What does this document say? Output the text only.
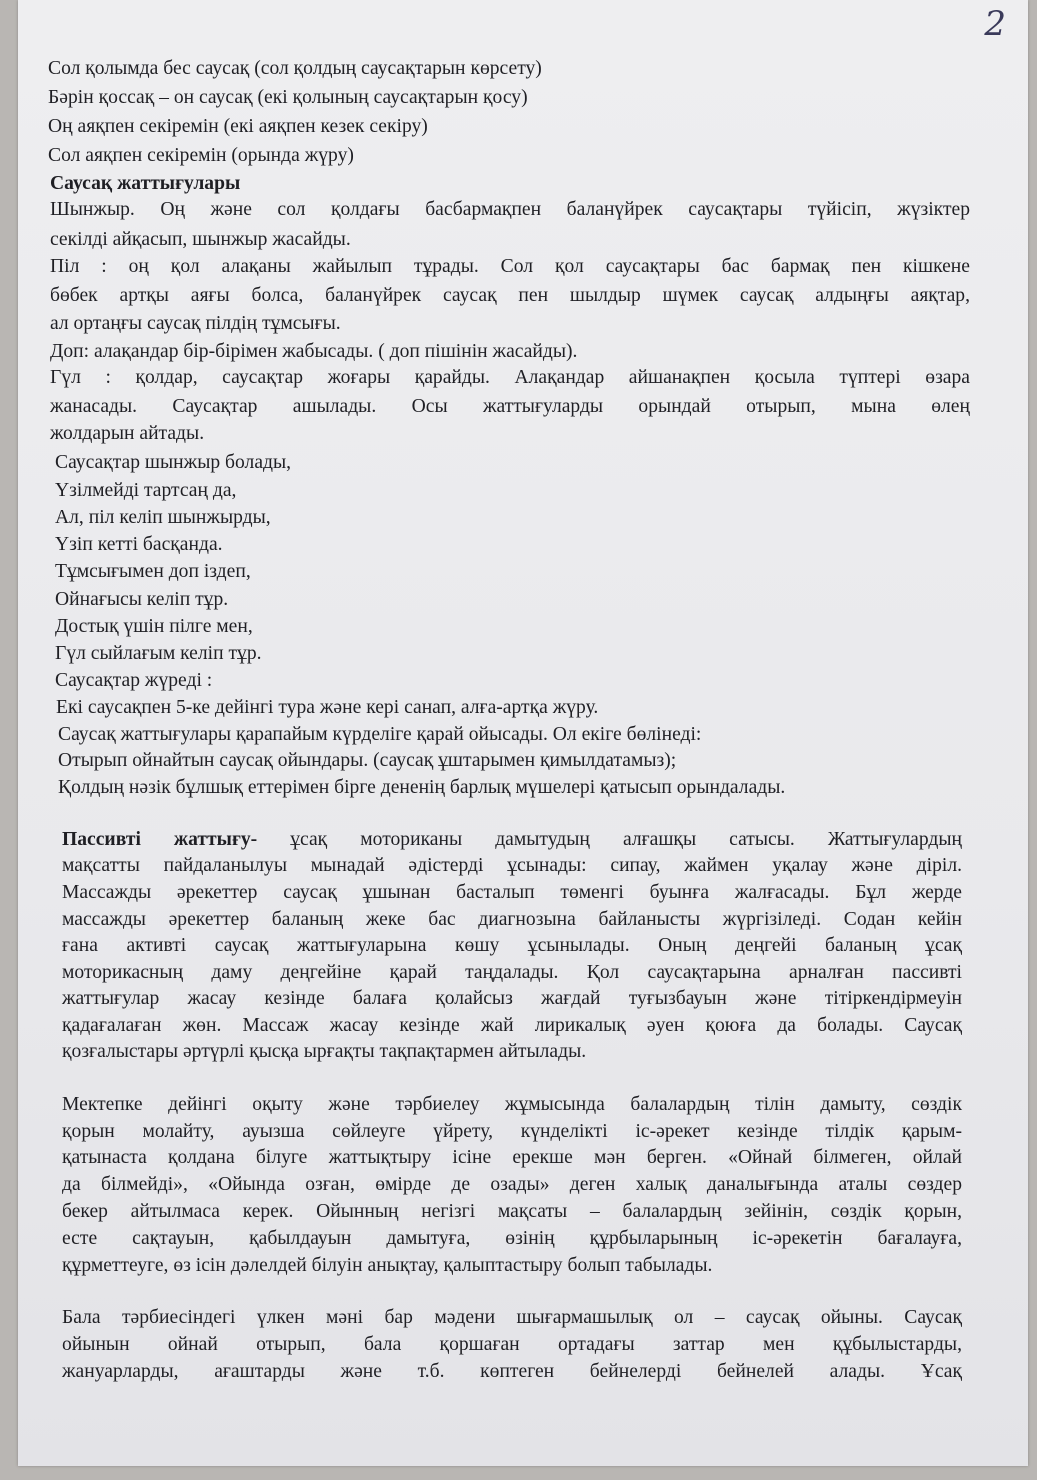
2
Сол қолымда бес саусақ (сол қолдың саусақтарын көрсету)
Бәрін қоссақ – он саусақ (екі қолының саусақтарын қосу)
Оң аяқпен секіремін (екі аяқпен кезек секіру)
Сол аяқпен секіремін (орында жүру)
Саусақ жаттығулары
Шынжыр. Оң және сол қолдағы басбармақпен баланүйрек саусақтары түйісіп, жүзіктер
секілді айқасып, шынжыр жасайды.
Піл : оң қол алақаны жайылып тұрады. Сол қол саусақтары бас бармақ пен кішкене
бөбек артқы аяғы болса, баланүйрек саусақ пен шылдыр шүмек саусақ алдыңғы аяқтар,
ал ортаңғы саусақ пілдің тұмсығы.
Доп: алақандар бір-бірімен жабысады. ( доп пішінін жасайды).
Гүл : қолдар, саусақтар жоғары қарайды. Алақандар айшанақпен қосыла түптері өзара
жанасады. Саусақтар ашылады. Осы жаттығуларды орындай отырып, мына өлең
жолдарын айтады.
Саусақтар шынжыр болады,
Үзілмейді тартсаң да,
Ал, піл келіп шынжырды,
Үзіп кетті басқанда.
Тұмсығымен доп іздеп,
Ойнағысы келіп тұр.
Достық үшін пілге мен,
Гүл сыйлағым келіп тұр.
Саусақтар жүреді :
Екі саусақпен 5-ке дейінгі тура және кері санап, алға-артқа жүру.
Саусақ жаттығулары қарапайым күрделіге қарай ойысады. Ол екіге бөлінеді:
Отырып ойнайтын саусақ ойындары. (саусақ ұштарымен қимылдатамыз);
Қолдың нәзік бұлшық еттерімен бірге дененің барлық мүшелері қатысып орындалады.
Пассивті жаттығу- ұсақ моториканы дамытудың алғашқы сатысы. Жаттығулардың
мақсатты пайдаланылуы мынадай әдістерді ұсынады: сипау, жаймен уқалау және діріл.
Массажды әрекеттер саусақ ұшынан басталып төменгі буынға жалғасады. Бұл жерде
массажды әрекеттер баланың жеке бас диагнозына байланысты жүргізіледі. Содан кейін
ғана активті саусақ жаттығуларына көшу ұсынылады. Оның деңгейі баланың ұсақ
моторикасның даму деңгейіне қарай таңдалады. Қол саусақтарына арналған пассивті
жаттығулар жасау кезінде балаға қолайсыз жағдай туғызбауын және тітіркендірмеуін
қадағалаған жөн. Массаж жасау кезінде жай лирикалық әуен қоюға да болады. Саусақ
қозғалыстары әртүрлі қысқа ырғақты тақпақтармен айтылады.
Мектепке дейінгі оқыту және тәрбиелеу жұмысында балалардың тілін дамыту, сөздік
қорын молайту, ауызша сөйлеуге үйрету, күнделікті іс-әрекет кезінде тілдік қарым-
қатынаста қолдана білуге жаттықтыру ісіне ерекше мән берген. «Ойнай білмеген, ойлай
да білмейді», «Ойында озған, өмірде де озады» деген халық даналығында аталы сөздер
бекер айтылмаса керек. Ойынның негізгі мақсаты – балалардың зейінін, сөздік қорын,
есте сақтауын, қабылдауын дамытуға, өзінің құрбыларының іс-әрекетін бағалауға,
құрметтеуге, өз ісін дәлелдей білуін анықтау, қалыптастыру болып табылады.
Бала тәрбиесіндегі үлкен мәні бар мәдени шығармашылық ол – саусақ ойыны. Саусақ
ойынын ойнай отырып, бала қоршаған ортадағы заттар мен құбылыстарды,
жануарларды, ағаштарды және т.б. көптеген бейнелерді бейнелей алады. Ұсақ
